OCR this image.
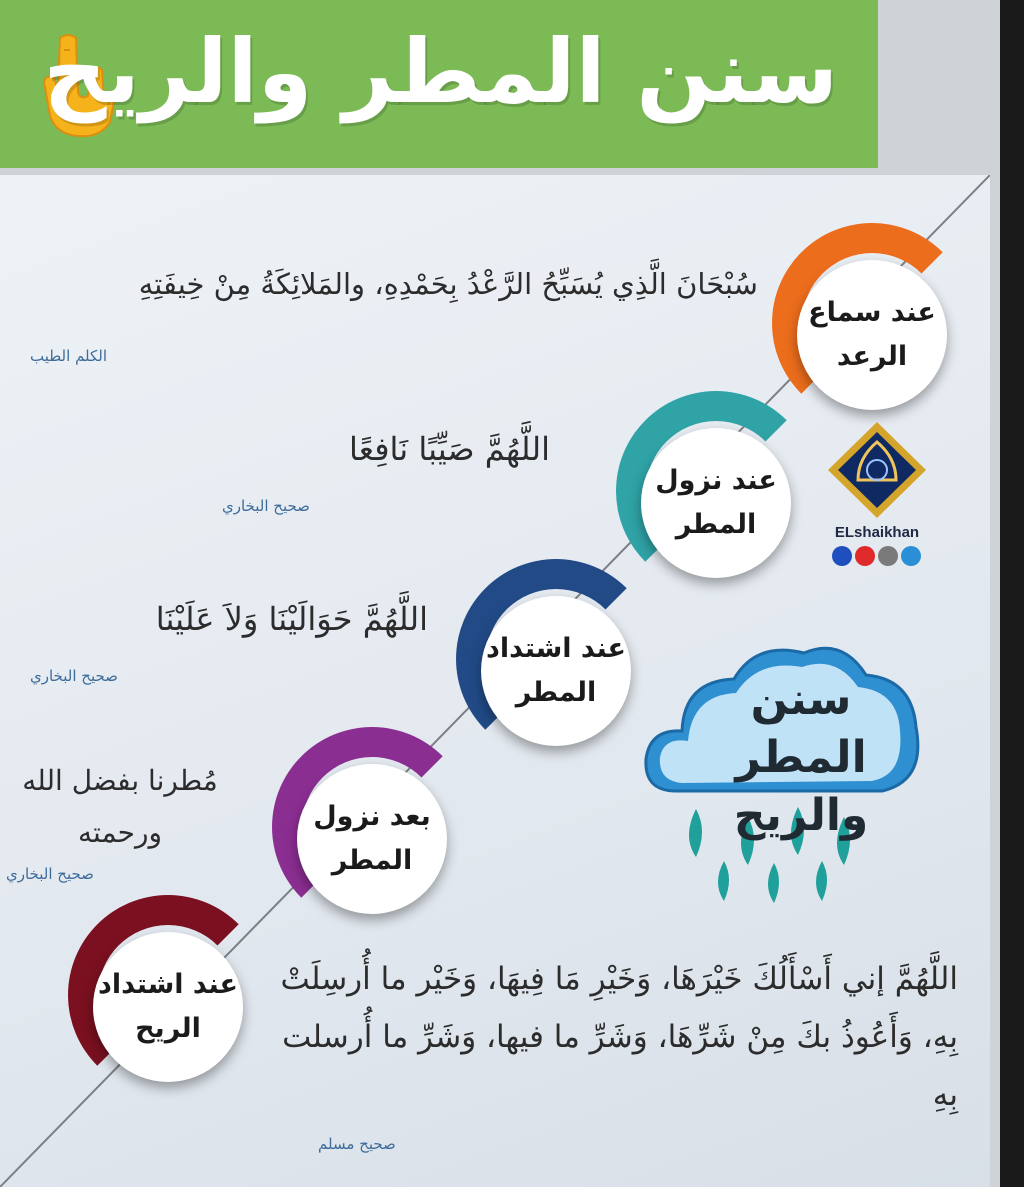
سنن المطر والريح
عند سماع
الرعد
عند نزول
المطر
عند اشتداد
المطر
بعد نزول
المطر
عند اشتداد
الريح
سُبْحَانَ الَّذِي يُسَبِّحُ الرَّعْدُ بِحَمْدِهِ، والمَلائِكَةُ مِنْ خِيفَتِهِ
الكلم الطيب
اللَّهُمَّ صَيِّبًا نَافِعًا
صحيح البخاري
اللَّهُمَّ حَوَالَيْنَا وَلاَ عَلَيْنَا
صحيح البخاري
مُطرنا بفضل الله
ورحمته
صحيح البخاري
اللَّهُمَّ إني أَسْأَلُكَ خَيْرَهَا، وَخَيْرِ مَا فِيهَا، وَخَيْر ما أُرسِلَتْ بِهِ، وَأَعُوذُ بكَ مِنْ شَرِّهَا، وَشَرِّ ما فيها، وَشَرِّ ما أُرسلت بِهِ
صحيح مسلم
ELshaikhan
سنن المطر
والريح
